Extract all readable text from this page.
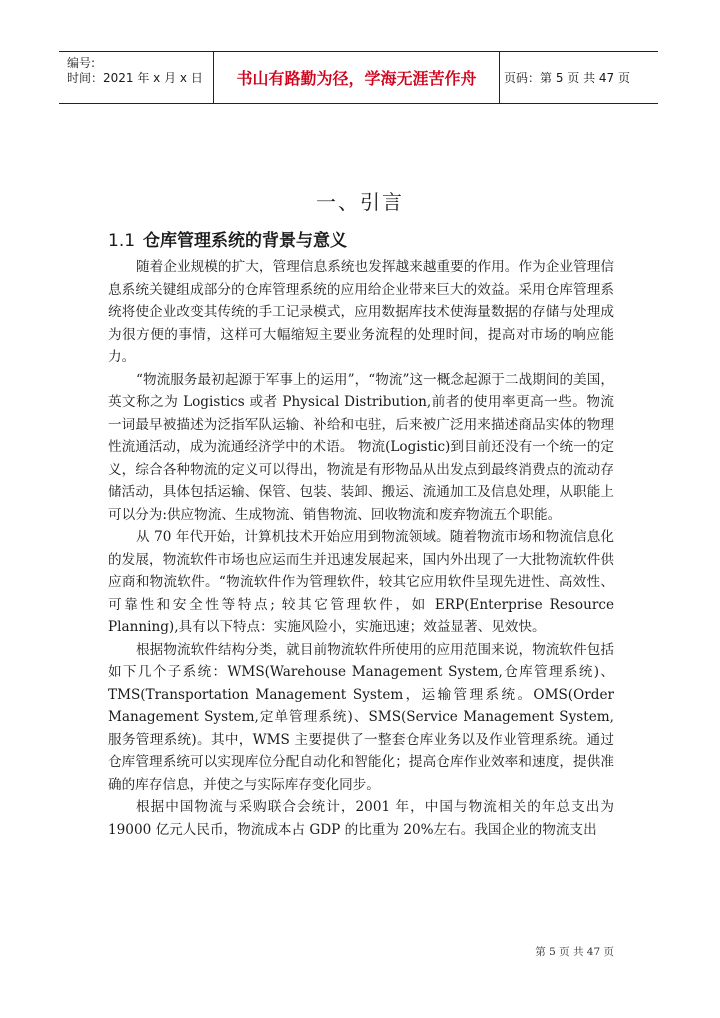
编号:
时间：2021 年 x 月 x 日	书山有路勤为径，学海无涯苦作舟	页码：第 5 页 共 47 页
一、引言
1.1 仓库管理系统的背景与意义

随着企业规模的扩大，管理信息系统也发挥越来越重要的作用。作为企业管理信息系统关键组成部分的仓库管理系统的应用给企业带来巨大的效益。采用仓库管理系统将使企业改变其传统的手工记录模式，应用数据库技术使海量数据的存储与处理成为很方便的事情，这样可大幅缩短主要业务流程的处理时间，提高对市场的响应能力。

“物流服务最初起源于军事上的运用”，“物流”这一概念起源于二战期间的美国，英文称之为 Logistics 或者 Physical Distribution,前者的使用率更高一些。物流一词最早被描述为泛指军队运输、补给和屯驻，后来被广泛用来描述商品实体的物理性流通活动，成为流通经济学中的术语。 物流(Logistic)到目前还没有一个统一的定义，综合各种物流的定义可以得出，物流是有形物品从出发点到最终消费点的流动存储活动，具体包括运输、保管、包装、装卸、搬运、流通加工及信息处理，从职能上可以分为:供应物流、生成物流、销售物流、回收物流和废弃物流五个职能。

从 70 年代开始，计算机技术开始应用到物流领域。随着物流市场和物流信息化的发展，物流软件市场也应运而生并迅速发展起来，国内外出现了一大批物流软件供应商和物流软件。“物流软件作为管理软件，较其它应用软件呈现先进性、高效性、可靠性和安全性等特点; 较其它管理软件，如 ERP(Enterprise Resource Planning),具有以下特点：实施风险小，实施迅速；效益显著、见效快。

根据物流软件结构分类，就目前物流软件所使用的应用范围来说，物流软件包括如下几个子系统：WMS(Warehouse Management System,仓库管理系统)、TMS(Transportation Management System，运输管理系统。OMS(Order Management System,定单管理系统)、SMS(Service Management System,服务管理系统)。其中，WMS 主要提供了一整套仓库业务以及作业管理系统。通过仓库管理系统可以实现库位分配自动化和智能化；提高仓库作业效率和速度，提供准确的库存信息，并使之与实际库存变化同步。

根据中国物流与采购联合会统计，2001 年，中国与物流相关的年总支出为 19000 亿元人民币，物流成本占 GDP 的比重为 20%左右。我国企业的物流支出

第 5 页 共 47 页
